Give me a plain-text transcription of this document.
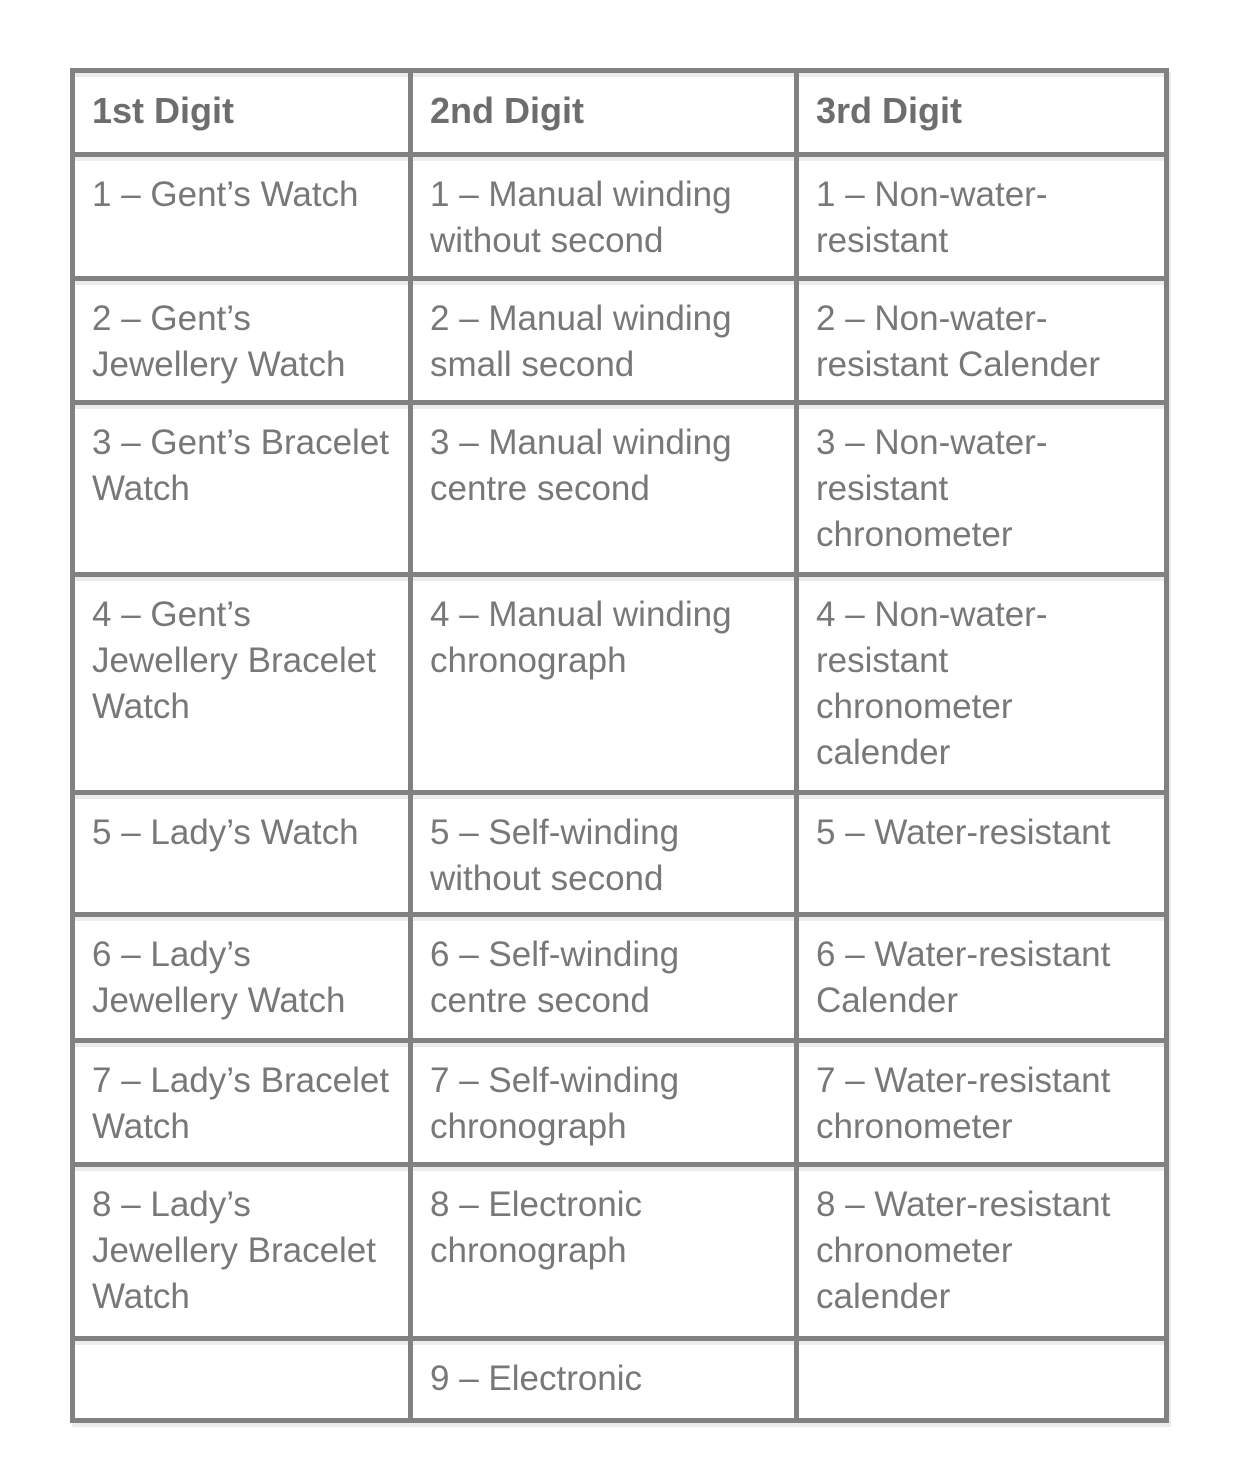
1st Digit	2nd Digit	3rd Digit
1 – Gent’s Watch	1 – Manual winding without second	1 – Non-water-resistant
2 – Gent’s Jewellery Watch	2 – Manual winding small second	2 – Non-water-resistant Calender
3 – Gent’s Bracelet Watch	3 – Manual winding centre second	3 – Non-water-resistant chronometer
4 – Gent’s Jewellery Bracelet Watch	4 – Manual winding chronograph	4 – Non-water-resistant chronometer calender
5 – Lady’s Watch	5 – Self-winding without second	5 – Water-resistant
6 – Lady’s Jewellery Watch	6 – Self-winding centre second	6 – Water-resistant Calender
7 – Lady’s Bracelet Watch	7 – Self-winding chronograph	7 – Water-resistant chronometer
8 – Lady’s Jewellery Bracelet Watch	8 – Electronic chronograph	8 – Water-resistant chronometer calender
	9 – Electronic	
